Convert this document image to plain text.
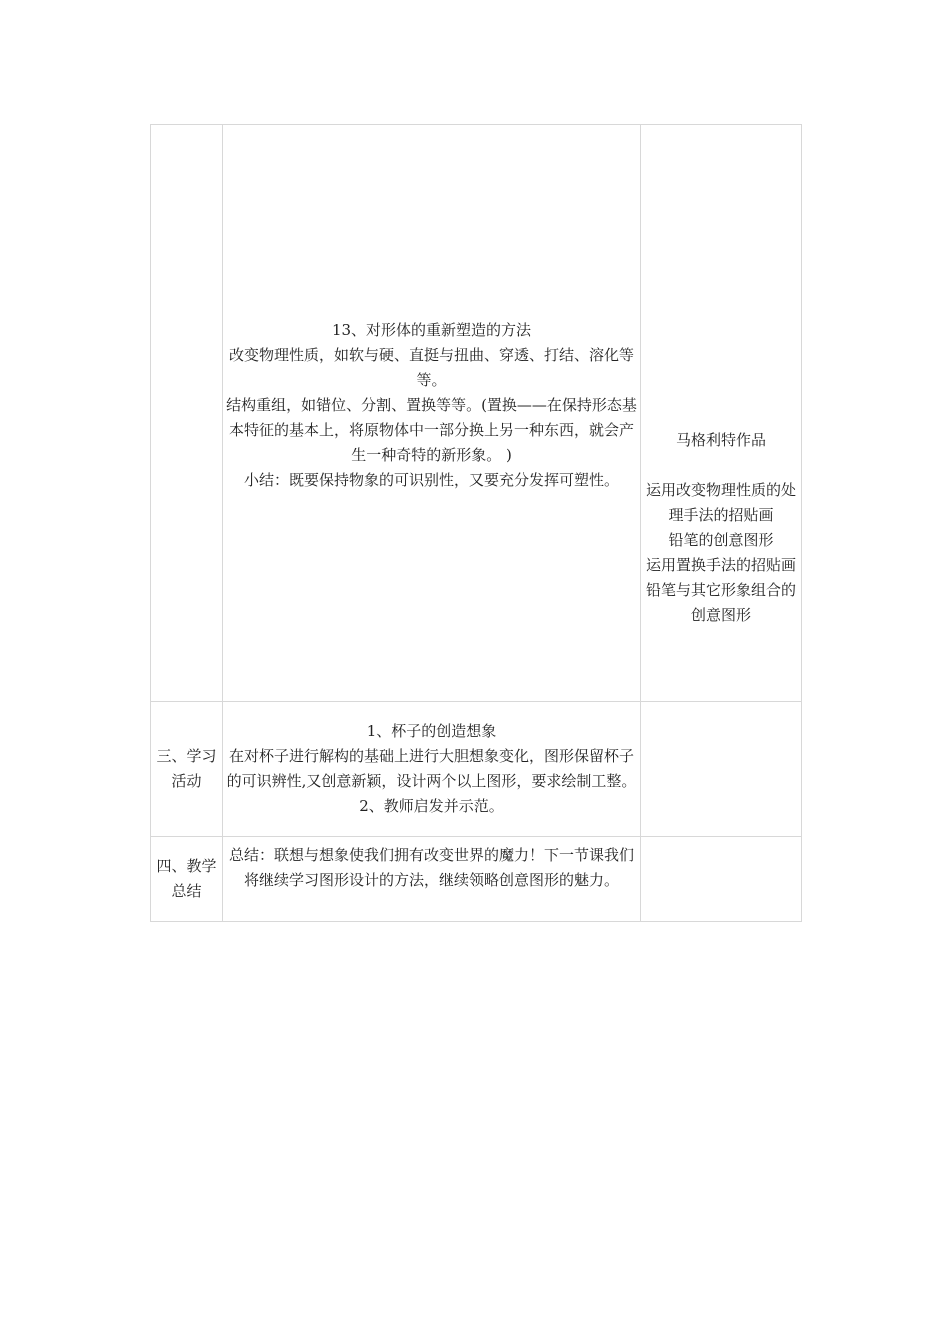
	13、对形体的重新塑造的方法
改变物理性质，如软与硬、直挺与扭曲、穿透、打结、溶化等等。
结构重组，如错位、分割、置换等等。(置换——在保持形态基本特征的基本上，将原物体中一部分换上另一种东西，就会产生一种奇特的新形象。 )
小结：既要保持物象的可识别性，又要充分发挥可塑性。	马格利特作品
运用改变物理性质的处理手法的招贴画
铅笔的创意图形
运用置换手法的招贴画
铅笔与其它形象组合的创意图形

三、学习活动	1、杯子的创造想象
在对杯子进行解构的基础上进行大胆想象变化，图形保留杯子的可识辨性,又创意新颖，设计两个以上图形，要求绘制工整。
2、教师启发并示范。	

四、教学总结	总结：联想与想象使我们拥有改变世界的魔力！下一节课我们将继续学习图形设计的方法，继续领略创意图形的魅力。	
